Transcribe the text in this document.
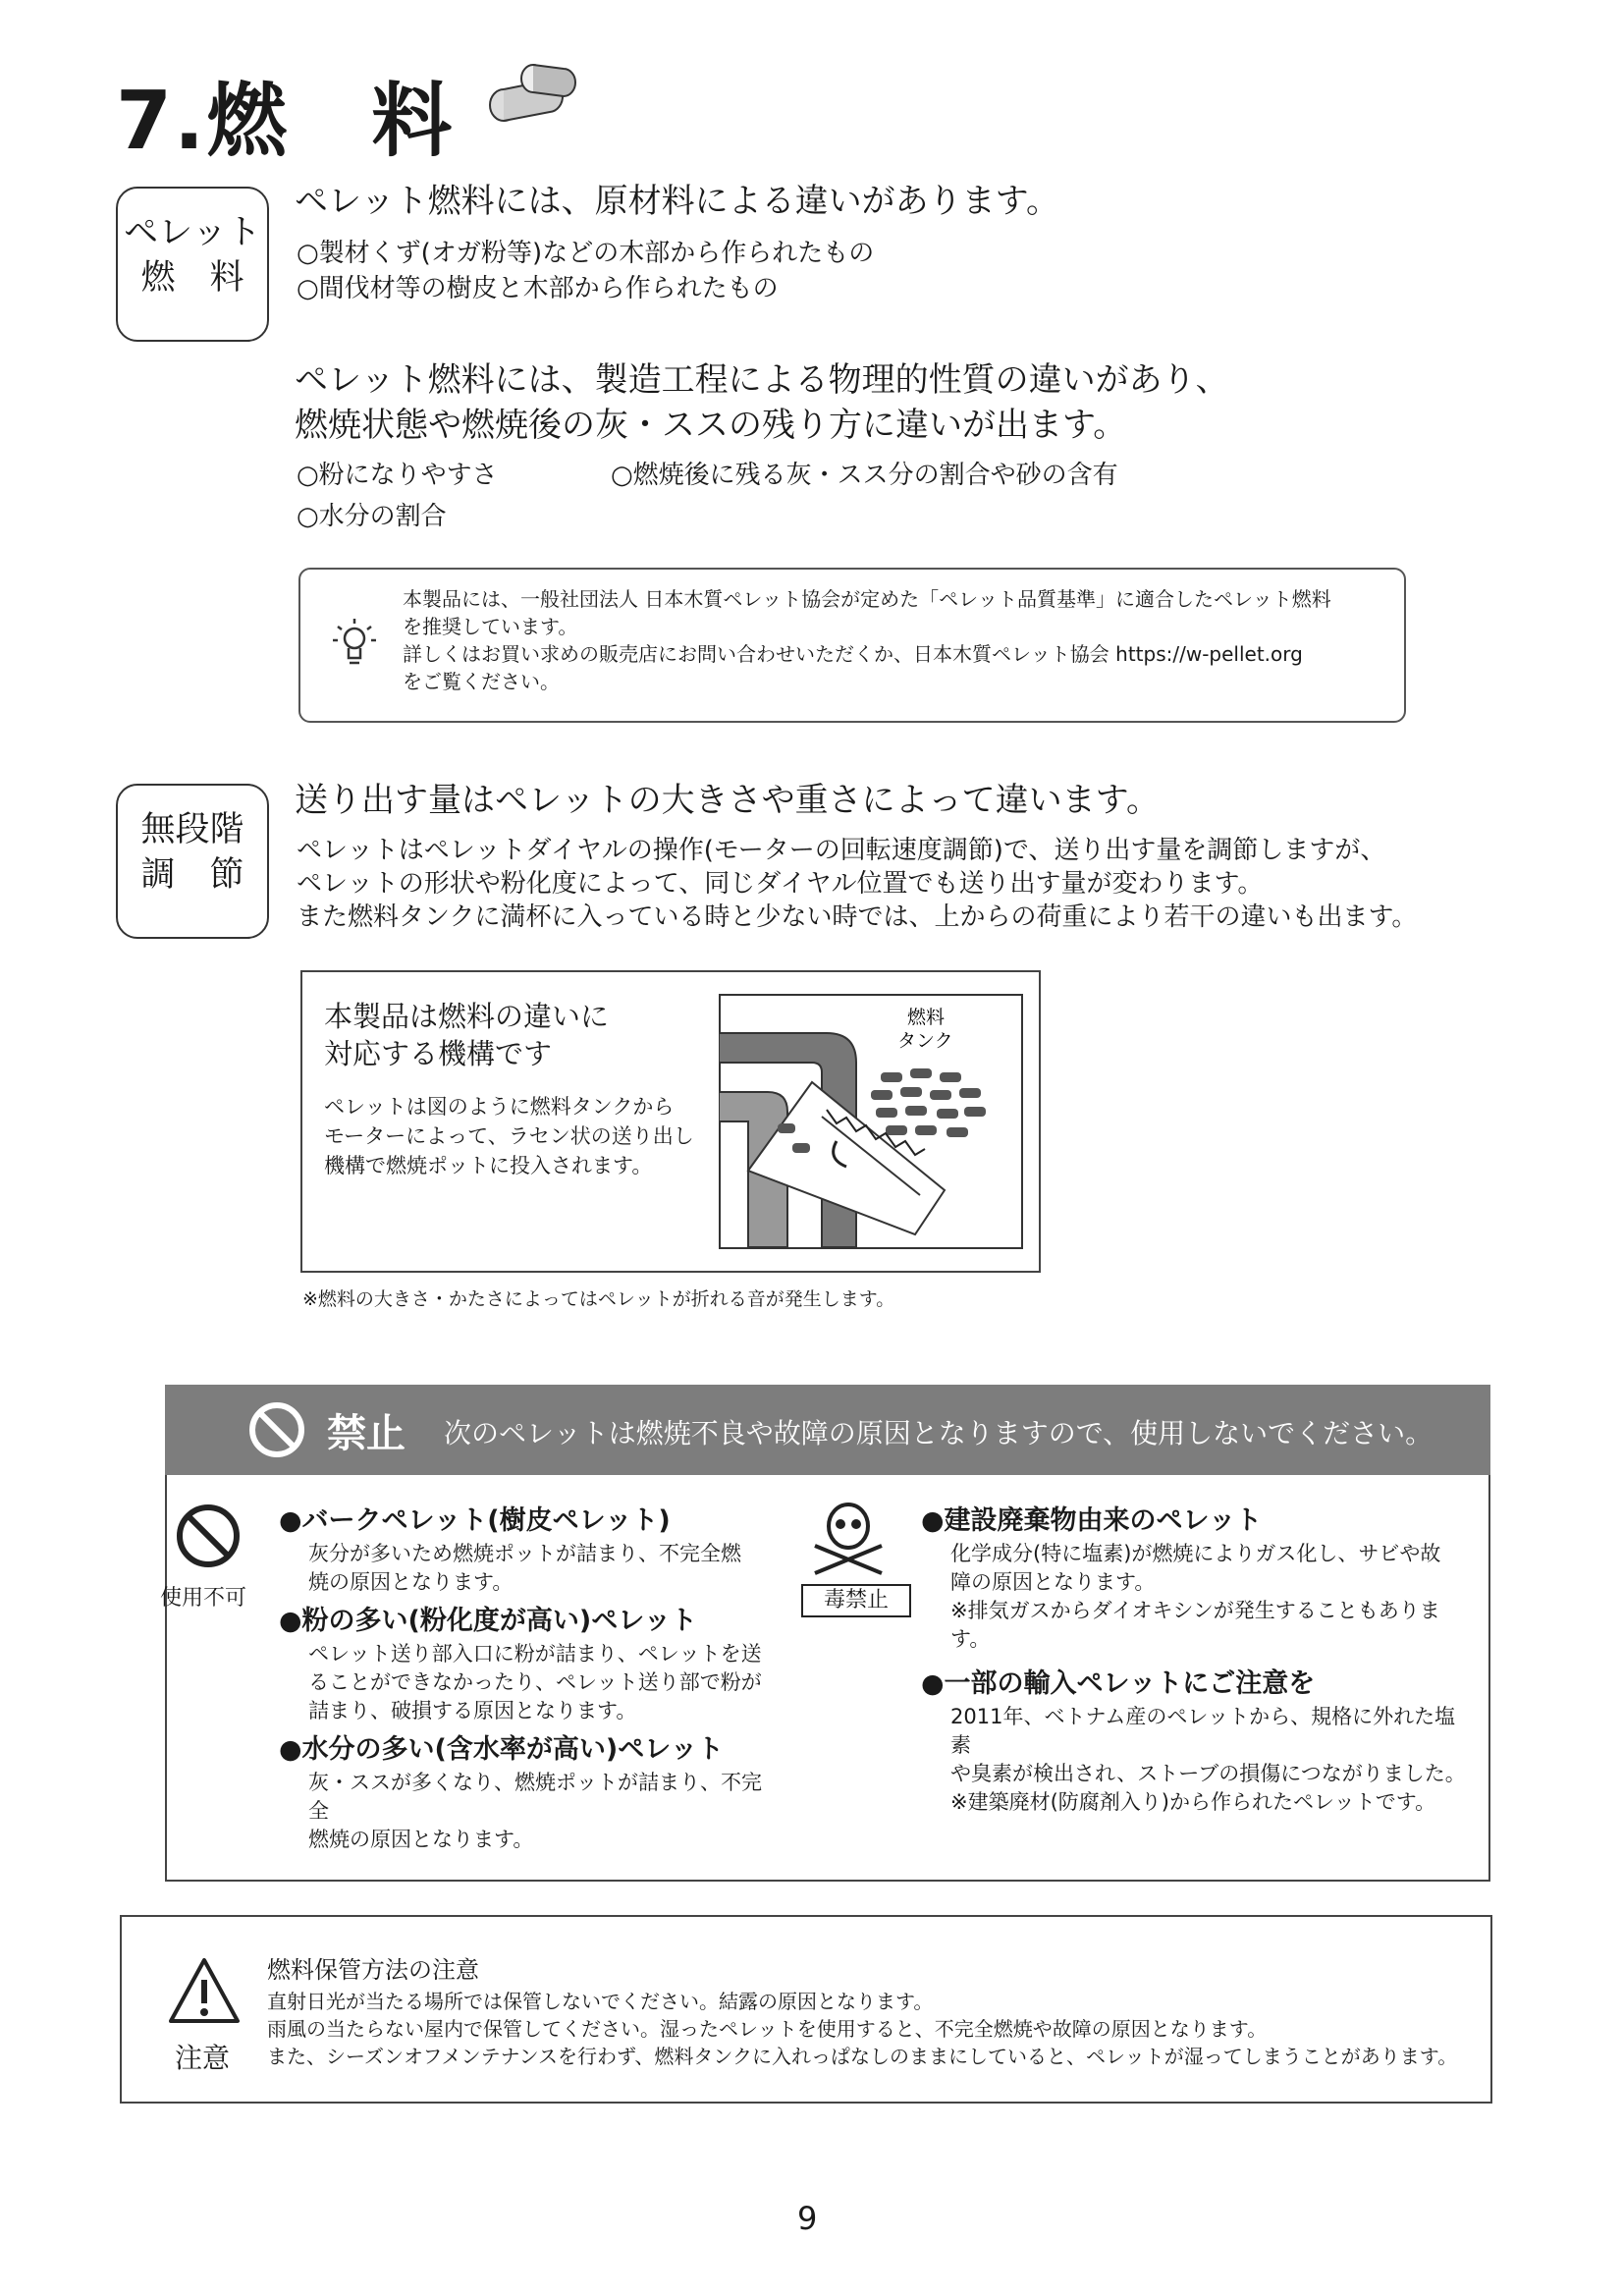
7.燃　料
ペレット
燃　料
ペレット燃料には、原材料による違いがあります。
○製材くず(オガ粉等)などの木部から作られたもの
○間伐材等の樹皮と木部から作られたもの
ペレット燃料には、製造工程による物理的性質の違いがあり、
燃焼状態や燃焼後の灰・ススの残り方に違いが出ます。
○粉になりやすさ	○燃焼後に残る灰・スス分の割合や砂の含有
○水分の割合
本製品には、一般社団法人 日本木質ペレット協会が定めた「ペレット品質基準」に適合したペレット燃料
を推奨しています。
詳しくはお買い求めの販売店にお問い合わせいただくか、日本木質ペレット協会 https://w-pellet.org
をご覧ください。
無段階
調　節
送り出す量はペレットの大きさや重さによって違います。
ペレットはペレットダイヤルの操作(モーターの回転速度調節)で、送り出す量を調節しますが、
ペレットの形状や粉化度によって、同じダイヤル位置でも送り出す量が変わります。
また燃料タンクに満杯に入っている時と少ない時では、上からの荷重により若干の違いも出ます。
本製品は燃料の違いに
対応する機構です
ペレットは図のように燃料タンクから
モーターによって、ラセン状の送り出し
機構で燃焼ポットに投入されます。
燃料
タンク
※燃料の大きさ・かたさによってはペレットが折れる音が発生します。
禁止 次のペレットは燃焼不良や故障の原因となりますので、使用しないでください。
使用不可
●バークペレット(樹皮ペレット)
灰分が多いため燃焼ポットが詰まり、不完全燃
焼の原因となります。
●粉の多い(粉化度が高い)ペレット
ペレット送り部入口に粉が詰まり、ペレットを送
ることができなかったり、ペレット送り部で粉が
詰まり、破損する原因となります。
●水分の多い(含水率が高い)ペレット
灰・ススが多くなり、燃焼ポットが詰まり、不完全
燃焼の原因となります。
毒禁止
●建設廃棄物由来のペレット
化学成分(特に塩素)が燃焼によりガス化し、サビや故
障の原因となります。
※排気ガスからダイオキシンが発生することもあります。
●一部の輸入ペレットにご注意を
2011年、ベトナム産のペレットから、規格に外れた塩素
や臭素が検出され、ストーブの損傷につながりました。
※建築廃材(防腐剤入り)から作られたペレットです。
注意
燃料保管方法の注意
直射日光が当たる場所では保管しないでください。結露の原因となります。
雨風の当たらない屋内で保管してください。湿ったペレットを使用すると、不完全燃焼や故障の原因となります。
また、シーズンオフメンテナンスを行わず、燃料タンクに入れっぱなしのままにしていると、ペレットが湿ってしまうことがあります。
9
